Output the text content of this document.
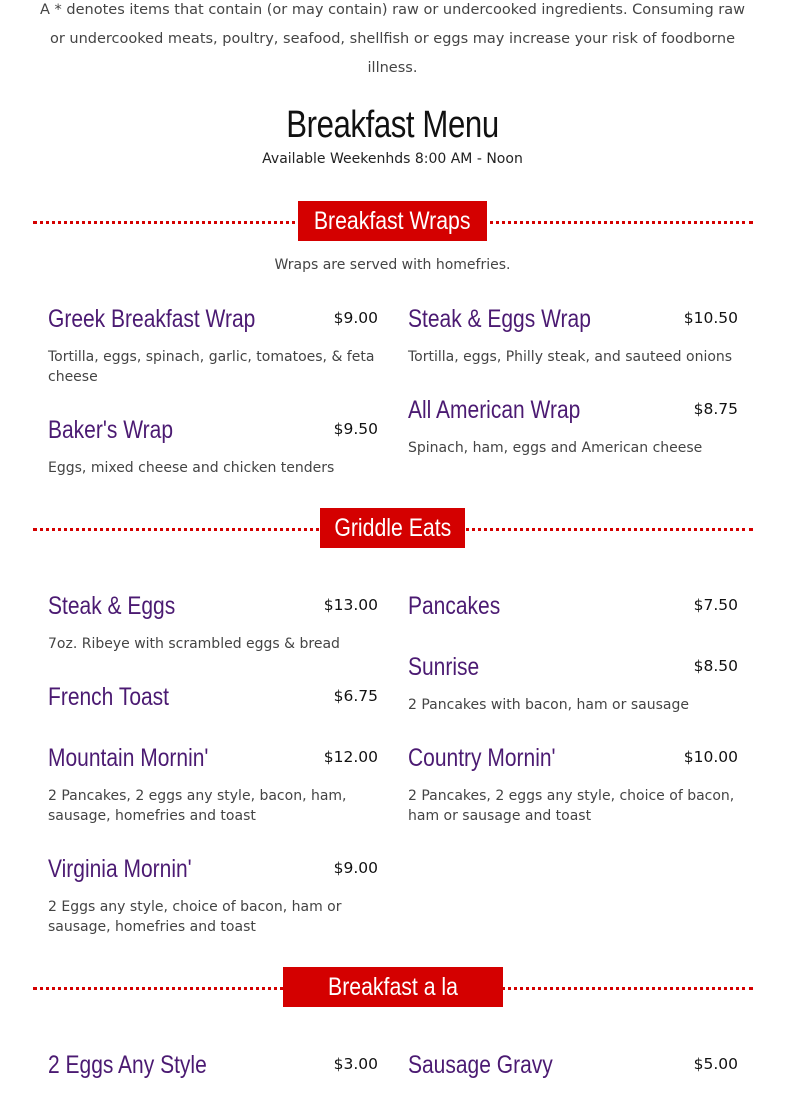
A * denotes items that contain (or may contain) raw or undercooked ingredients. Consuming raw or undercooked meats, poultry, seafood, shellfish or eggs may increase your risk of foodborne illness.
Breakfast Menu
Available Weekenhds 8:00 AM - Noon
Breakfast Wraps
Wraps are served with homefries.
Greek Breakfast Wrap	$9.00
Tortilla, eggs, spinach, garlic, tomatoes, & feta cheese
Steak & Eggs Wrap	$10.50
Tortilla, eggs, Philly steak, and sauteed onions
Baker's Wrap	$9.50
Eggs, mixed cheese and chicken tenders
All American Wrap	$8.75
Spinach, ham, eggs and American cheese
Griddle Eats
Steak & Eggs	$13.00
7oz. Ribeye with scrambled eggs & bread
Pancakes	$7.50
Sunrise	$8.50
2 Pancakes with bacon, ham or sausage
French Toast	$6.75
Mountain Mornin'	$12.00
2 Pancakes, 2 eggs any style, bacon, ham, sausage, homefries and toast
Country Mornin'	$10.00
2 Pancakes, 2 eggs any style, choice of bacon, ham or sausage and toast
Virginia Mornin'	$9.00
2 Eggs any style, choice of bacon, ham or sausage, homefries and toast
Breakfast a la Carte
2 Eggs Any Style	$3.00 Sausage Gravy	$5.00
